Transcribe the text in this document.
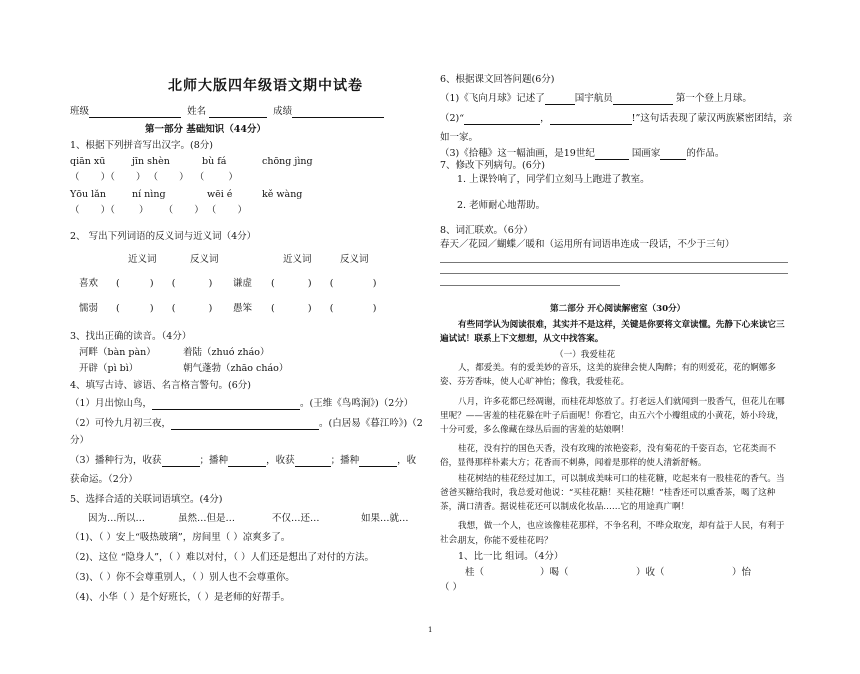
北师大版四年级语文期中试卷
班级	姓名	成绩
第一部分 基础知识（44分）
1、根据下列拼音写出汉字。(8分)
qiān xū	jīn shèn	bù fá	chōng jìng
（       ）（       ） （       ）  （        ）
Yōu lǎn	ní nìng	wēi é	kě wàng
（       ）（        ）     （       ） （       ）
2、 写出下列词语的反义词与近义词（4分）
近义词	反义词	近义词	反义词
喜欢 (          )      (           ) 谦虚 (           )      (             )
懦弱 (          )      (           ) 愚笨 (           )      (             )
3、找出正确的读音。（4分）
河畔（bàn pàn）	着陆（zhuó zháo）
开辟（pì bì）	朝气蓬勃（zhāo cháo）
4、填写古诗、谚语、名言格言警句。(6分)
（1）月出惊山鸟，	。(王维《鸟鸣涧》)（2分）
（2）可怜九月初三夜，	。(白居易《暮江吟》)（2
分）
（3）播种行为，收获	；播种	，收获	；播种	，收
获命运。（2分）
5、选择合适的关联词语填空。(4分)
因为…所以…	虽然…但是…	不仅…还…	如果…就…
（1)、（ ）安上“吸热玻璃”，房间里（ ）凉爽多了。
（2)、这位 “隐身人”，（ ）难以对付，（ ）人们还是想出了对付的方法。
（3)、（ ）你不会尊重别人，（ ）别人也不会尊重你。
（4)、小华（ ）是个好班长，（ ）是老师的好帮手。
6、根据课文回答问题(6分)
（1)《飞向月球》记述了	国宇航员	第一个登上月球。
（2)“	，	!”这句话表现了蒙汉两族紧密团结，亲
如一家。
（3)《拾穗》这一幅油画，是19世纪	国画家	的作品。
7、修改下列病句。(6分)
1. 上课铃响了，同学们立刻马上跑进了教室。
2. 老师耐心地帮助。
8、词汇联欢。（6分）
春天／花园／蝴蝶／暖和（运用所有词语串连成一段话，不少于三句）
第二部分 开心阅读解密室（30分）
有些同学认为阅读很难，其实并不是这样，关键是你要将文章读懂。先静下心来读它三遍试试！联系上下文想想，从文中找答案。
（一）我爱桂花
人，都爱美。有的爱美妙的音乐，这美的旋律会使人陶醉；有的则爱花，花的婀娜多姿、芬芳香味，使人心旷神怡；像我，我爱桂花。
八月，许多花都已经凋谢，而桂花却悠放了。打老远人们就闻到一股香气，但花儿在哪里呢？——害羞的桂花躲在叶子后面呢！你看它，由五六个小瓣组成的小黄花，娇小玲珑，十分可爱，多么像藏在绿丛后面的害羞的姑娘啊！
桂花，没有拧的国色天香，没有玫瑰的浓艳姿彩，没有菊花的千姿百态，它花类而不俗，显得那样朴素大方；花香而不刺鼻，闻着是那样的使人清新舒畅。
桂花树结的桂花经过加工，可以制成美味可口的桂花糖，吃起来有一股桂花的香气。当爸爸买糖给我时，我总爱对他说：“买桂花糖！买桂花糖！”桂香还可以熏香茶，喝了这种茶，满口清香。据说桂花还可以制成化妆品……它的用途真广啊！
我想，做一个人，也应该像桂花那样，不争名利，不哗众取宠，却有益于人民，有利于社会。
朋友，你能不爱桂花吗？
1、比一比 组词。（4分）
桂（	）喝（	）收（	）怡
（ ）
1
